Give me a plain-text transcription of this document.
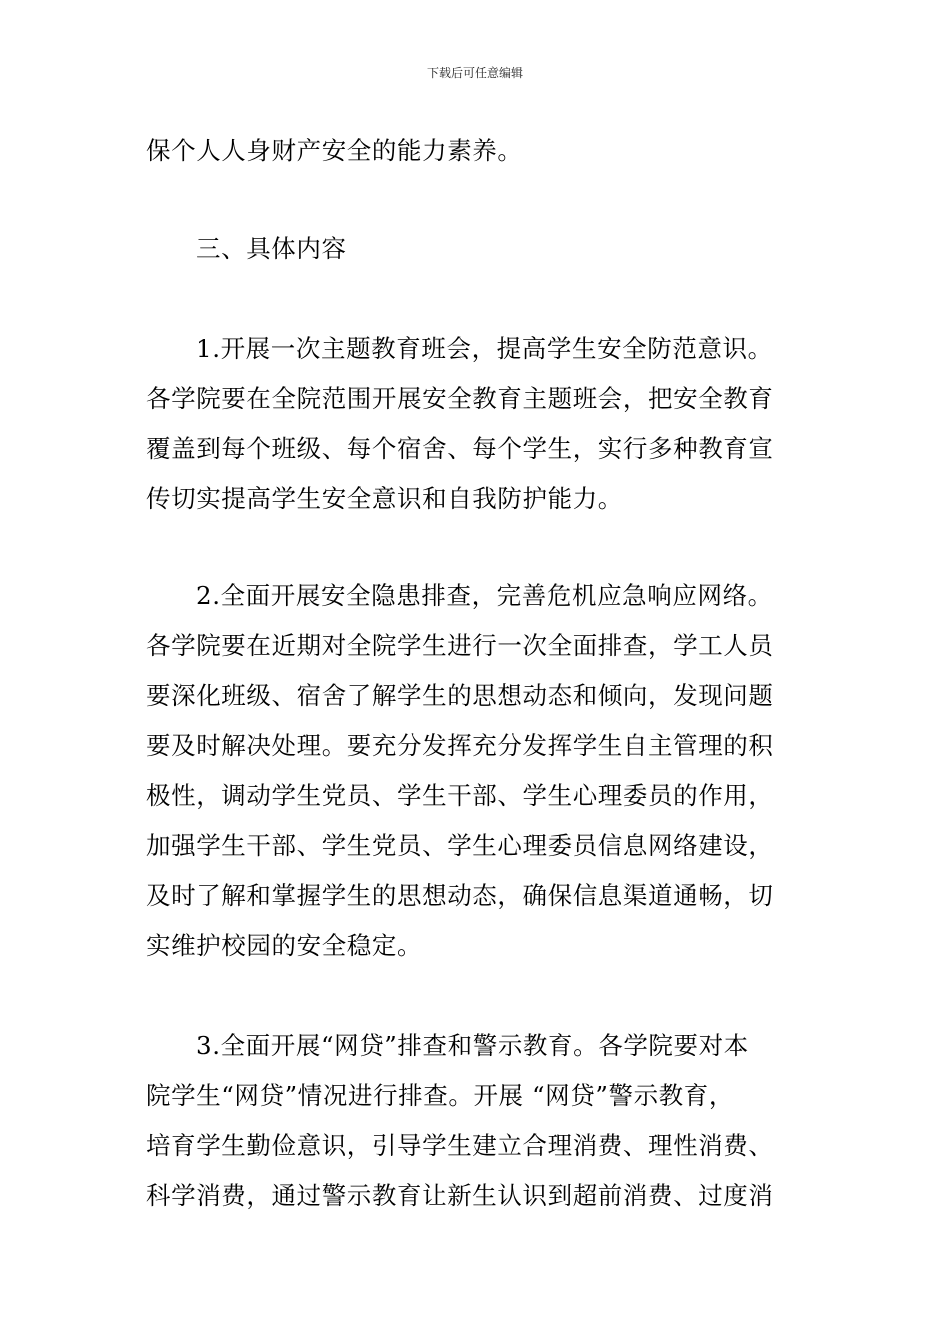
下载后可任意编辑
保个人人身财产安全的能力素养。
三、具体内容
1.开展一次主题教育班会，提高学生安全防范意识。
各学院要在全院范围开展安全教育主题班会，把安全教育
覆盖到每个班级、每个宿舍、每个学生，实行多种教育宣
传切实提高学生安全意识和自我防护能力。
2.全面开展安全隐患排查，完善危机应急响应网络。
各学院要在近期对全院学生进行一次全面排查，学工人员
要深化班级、宿舍了解学生的思想动态和倾向，发现问题
要及时解决处理。要充分发挥充分发挥学生自主管理的积
极性，调动学生党员、学生干部、学生心理委员的作用，
加强学生干部、学生党员、学生心理委员信息网络建设，
及时了解和掌握学生的思想动态，确保信息渠道通畅，切
实维护校园的安全稳定。
3.全面开展“网贷”排查和警示教育。各学院要对本
院学生“网贷”情况进行排查。开展 “网贷”警示教育，
培育学生勤俭意识，引导学生建立合理消费、理性消费、
科学消费，通过警示教育让新生认识到超前消费、过度消
